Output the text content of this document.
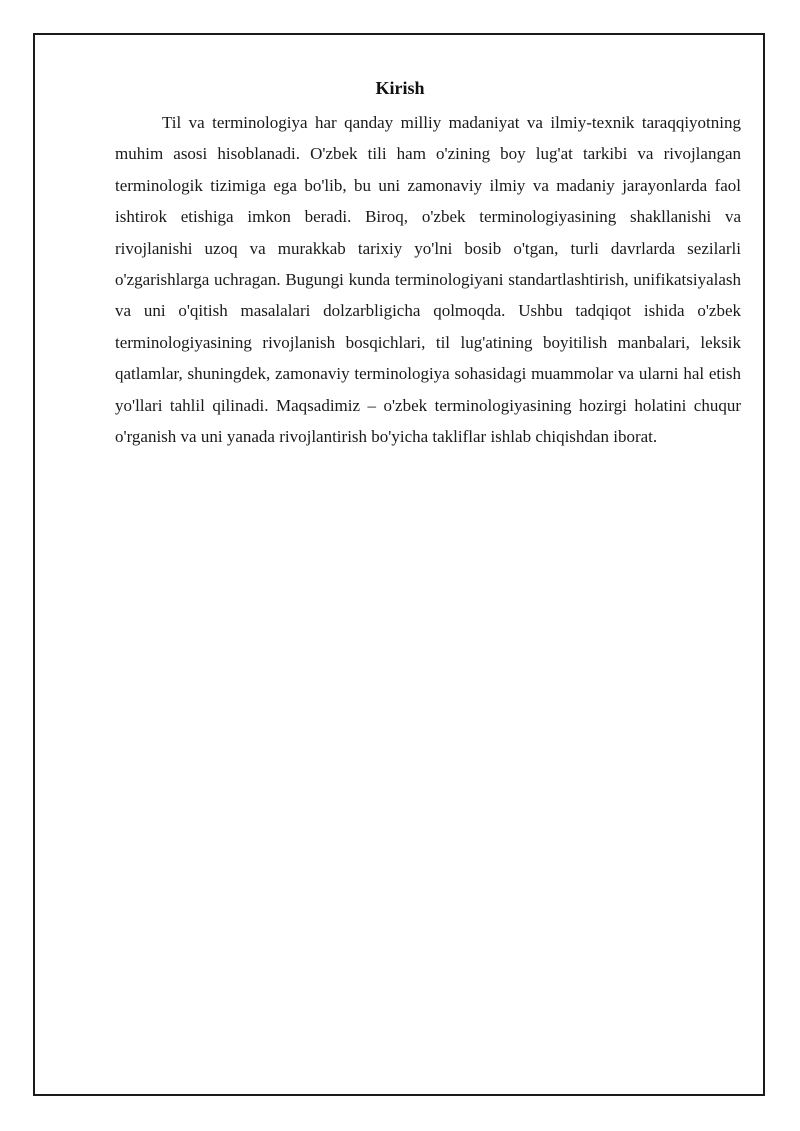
Kirish

Til va terminologiya har qanday milliy madaniyat va ilmiy-texnik taraqqiyotning muhim asosi hisoblanadi. O'zbek tili ham o'zining boy lug'at tarkibi va rivojlangan terminologik tizimiga ega bo'lib, bu uni zamonaviy ilmiy va madaniy jarayonlarda faol ishtirok etishiga imkon beradi. Biroq, o'zbek terminologiyasining shakllanishi va rivojlanishi uzoq va murakkab tarixiy yo'lni bosib o'tgan, turli davrlarda sezilarli o'zgarishlarga uchragan. Bugungi kunda terminologiyani standartlashtirish, unifikatsiyalash va uni o'qitish masalalari dolzarbligicha qolmoqda. Ushbu tadqiqot ishida o'zbek terminologiyasining rivojlanish bosqichlari, til lug'atining boyitilish manbalari, leksik qatlamlar, shuningdek, zamonaviy terminologiya sohasidagi muammolar va ularni hal etish yo'llari tahlil qilinadi. Maqsadimiz – o'zbek terminologiyasining hozirgi holatini chuqur o'rganish va uni yanada rivojlantirish bo'yicha takliflar ishlab chiqishdan iborat.
